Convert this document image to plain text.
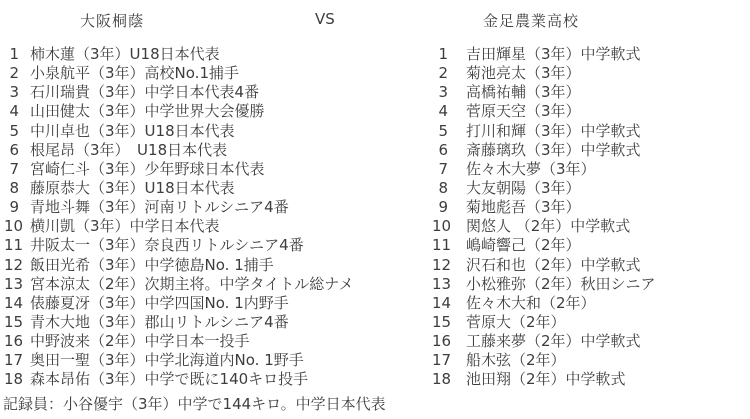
大阪桐蔭	VS	金足農業高校
1 柿木蓮（3年）U18日本代表
2 小泉航平（3年）高校No.1捕手
3 石川瑞貴（3年）中学日本代表4番
4 山田健太（3年）中学世界大会優勝
5 中川卓也（3年）U18日本代表
6 根尾昂（3年）　U18日本代表
7 宮崎仁斗（3年）少年野球日本代表
8 藤原恭大（3年）U18日本代表
9 青地斗舞（3年）河南リトルシニア4番
10 横川凱（3年）中学日本代表
11 井阪太一（3年）奈良西リトルシニア4番
12 飯田光希（3年）中学徳島No. 1捕手
13 宮本涼太（2年）次期主将。中学タイトル総ナメ
14 俵藤夏冴（3年）中学四国No. 1内野手
15 青木大地（3年）郡山リトルシニア4番
16 中野波来（2年）中学日本一投手
17 奥田一聖（3年）中学北海道内No. 1野手
18 森本昂佑（3年）中学で既に140キロ投手
1 吉田輝星（3年）中学軟式
2 菊池亮太（3年）
3 高橋祐輔（3年）
4 菅原天空（3年）
5 打川和輝（3年）中学軟式
6 斎藤璃玖（3年）中学軟式
7 佐々木大夢（3年）
8 大友朝陽（3年）
9 菊地彪吾（3年）
10 関悠人 （2年）中学軟式
11 嶋崎響己（2年）
12 沢石和也（2年）中学軟式
13 小松雅弥（2年）秋田シニア
14 佐々木大和（2年）
15 菅原大（2年）
16 工藤来夢（2年）中学軟式
17 船木弦（2年）
18 池田翔（2年）中学軟式
記録員：小谷優宇（3年）中学で144キロ。中学日本代表
